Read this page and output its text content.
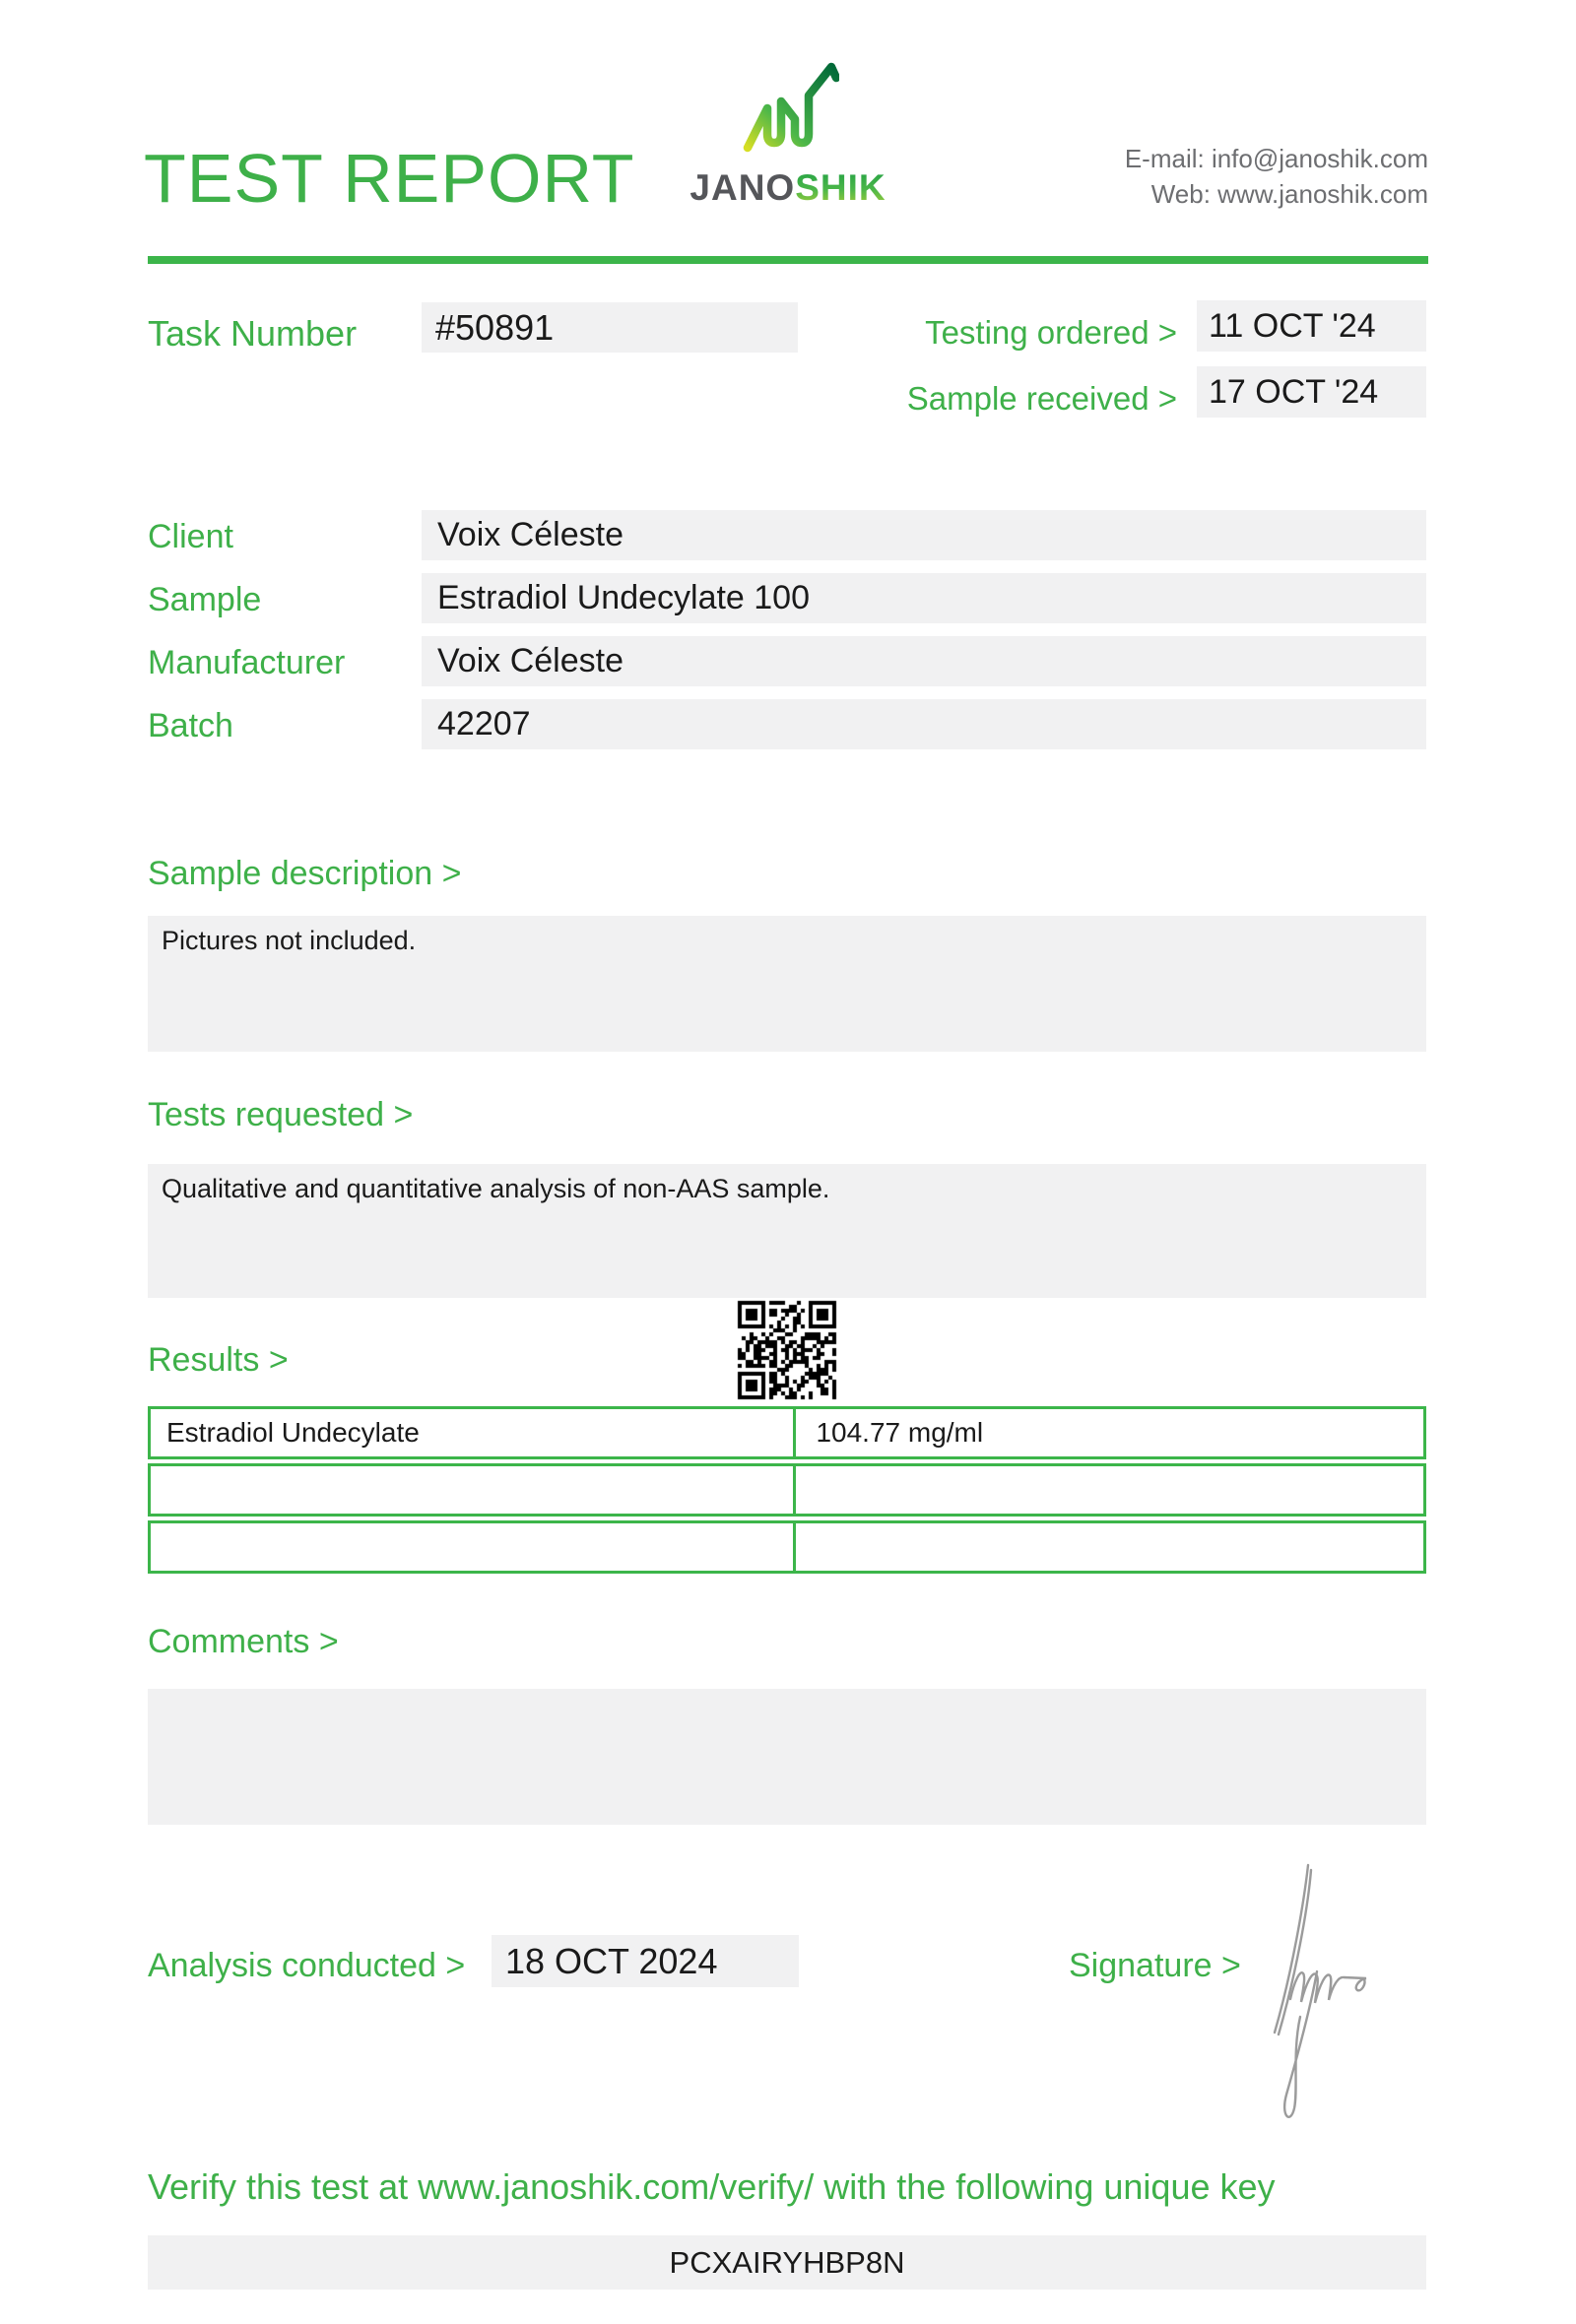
TEST REPORT JANOSHIK
E-mail: info@janoshik.com
Web: www.janoshik.com
Task Number	#50891	Testing ordered > 11 OCT '24
Sample received > 17 OCT '24
Client	Voix Céleste
Sample	Estradiol Undecylate 100
Manufacturer	Voix Céleste
Batch	42207
Sample description >
Pictures not included.
Tests requested >
Qualitative and quantitative analysis of non-AAS sample.
Results >
Estradiol Undecylate	104.77 mg/ml
Comments >
Analysis conducted >	18 OCT 2024	Signature >
Verify this test at www.janoshik.com/verify/ with the following unique key
PCXAIRYHBP8N
